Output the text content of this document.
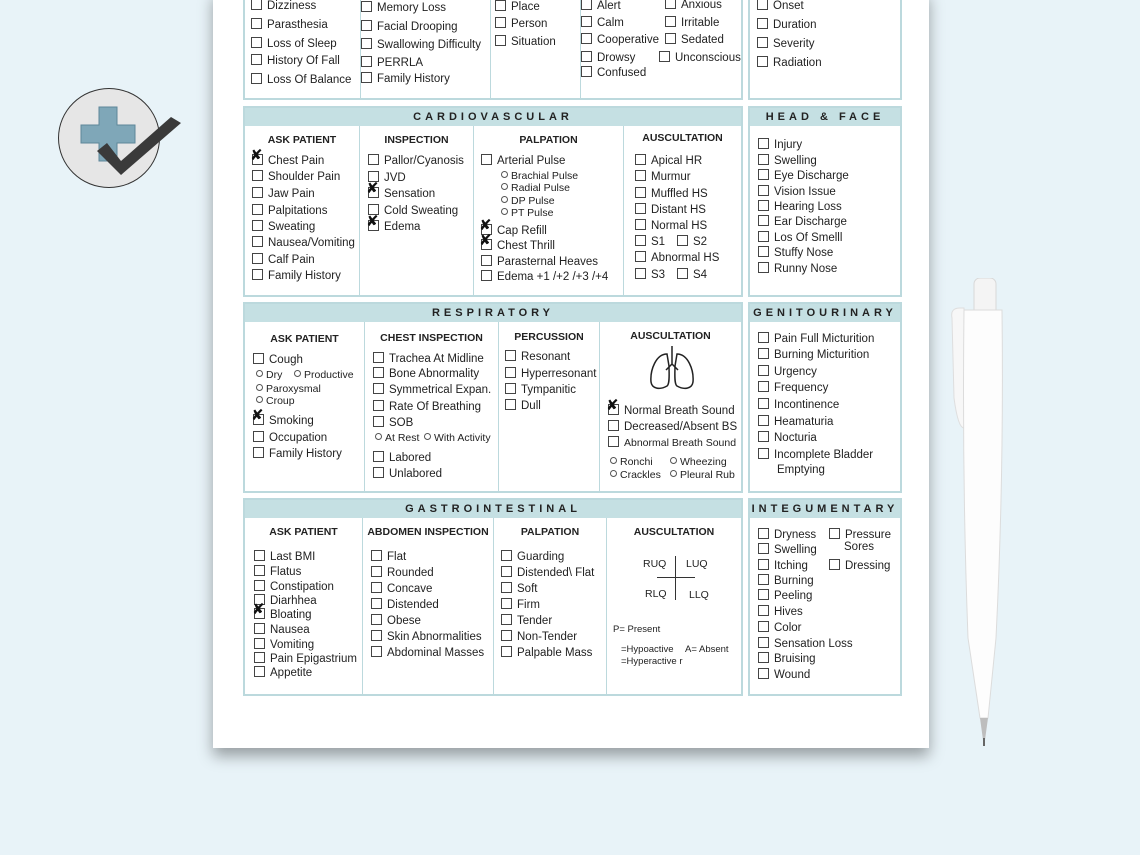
Dizziness
Parasthesia
Loss of Sleep
History Of Fall
Loss Of Balance
Memory Loss
Facial Drooping
Swallowing Difficulty
PERRLA
Family History
Place
Person
Situation
Alert
Calm
Cooperative
Drowsy
Confused
Anxious
Irritable
Sedated
Unconscious
Onset
Duration
Severity
Radiation
CARDIOVASCULAR
ASK PATIENT
✘Chest Pain
Shoulder Pain
Jaw Pain
Palpitations
Sweating
Nausea/Vomiting
Calf Pain
Family History
INSPECTION
Pallor/Cyanosis
JVD
✘Sensation
Cold Sweating
✘Edema
PALPATION
Arterial Pulse
Brachial Pulse
Radial Pulse
DP Pulse
PT Pulse
✘Cap Refill
✘Chest Thrill
Parasternal Heaves
Edema +1 /+2 /+3 /+4
AUSCULTATION
Apical HR
Murmur
Muffled HS
Distant HS
Normal HS
S1	S2
Abnormal HS
S3	S4
HEAD & FACE
Injury
Swelling
Eye Discharge
Vision Issue
Hearing Loss
Ear Discharge
Los Of Smelll
Stuffy Nose
Runny Nose
RESPIRATORY
ASK PATIENT
Cough
Dry	Productive
Paroxysmal
Croup
✘Smoking
Occupation
Family History
CHEST INSPECTION
Trachea At Midline
Bone Abnormality
Symmetrical Expan.
Rate Of Breathing
SOB
At Rest	With Activity
Labored
Unlabored
PERCUSSION
Resonant
Hyperresonant
Tympanitic
Dull
AUSCULTATION
✘Normal Breath Sound
Decreased/Absent BS
Abnormal Breath Sound
Ronchi	Wheezing
Crackles	Pleural Rub
GENITOURINARY
Pain Full Micturition
Burning Micturition
Urgency
Frequency
Incontinence
Heamaturia
Nocturia
Incomplete Bladder
Emptying
GASTROINTESTINAL
ASK PATIENT
Last BMI
Flatus
Constipation
Diarhhea
✘Bloating
Nausea
Vomiting
Pain Epigastrium
Appetite
ABDOMEN INSPECTION
Flat
Rounded
Concave
Distended
Obese
Skin Abnormalities
Abdominal Masses
PALPATION
Guarding
Distended\ Flat
Soft
Firm
Tender
Non-Tender
Palpable Mass
AUSCULTATION
RUQ LUQ
RLQ LLQ
P= Present
=Hypoactive A= Absent
=Hyperactive r
INTEGUMENTARY
Dryness
Swelling
Itching
Burning
Peeling
Hives
Color
Sensation Loss
Bruising
Wound
Pressure
Sores
Dressing
